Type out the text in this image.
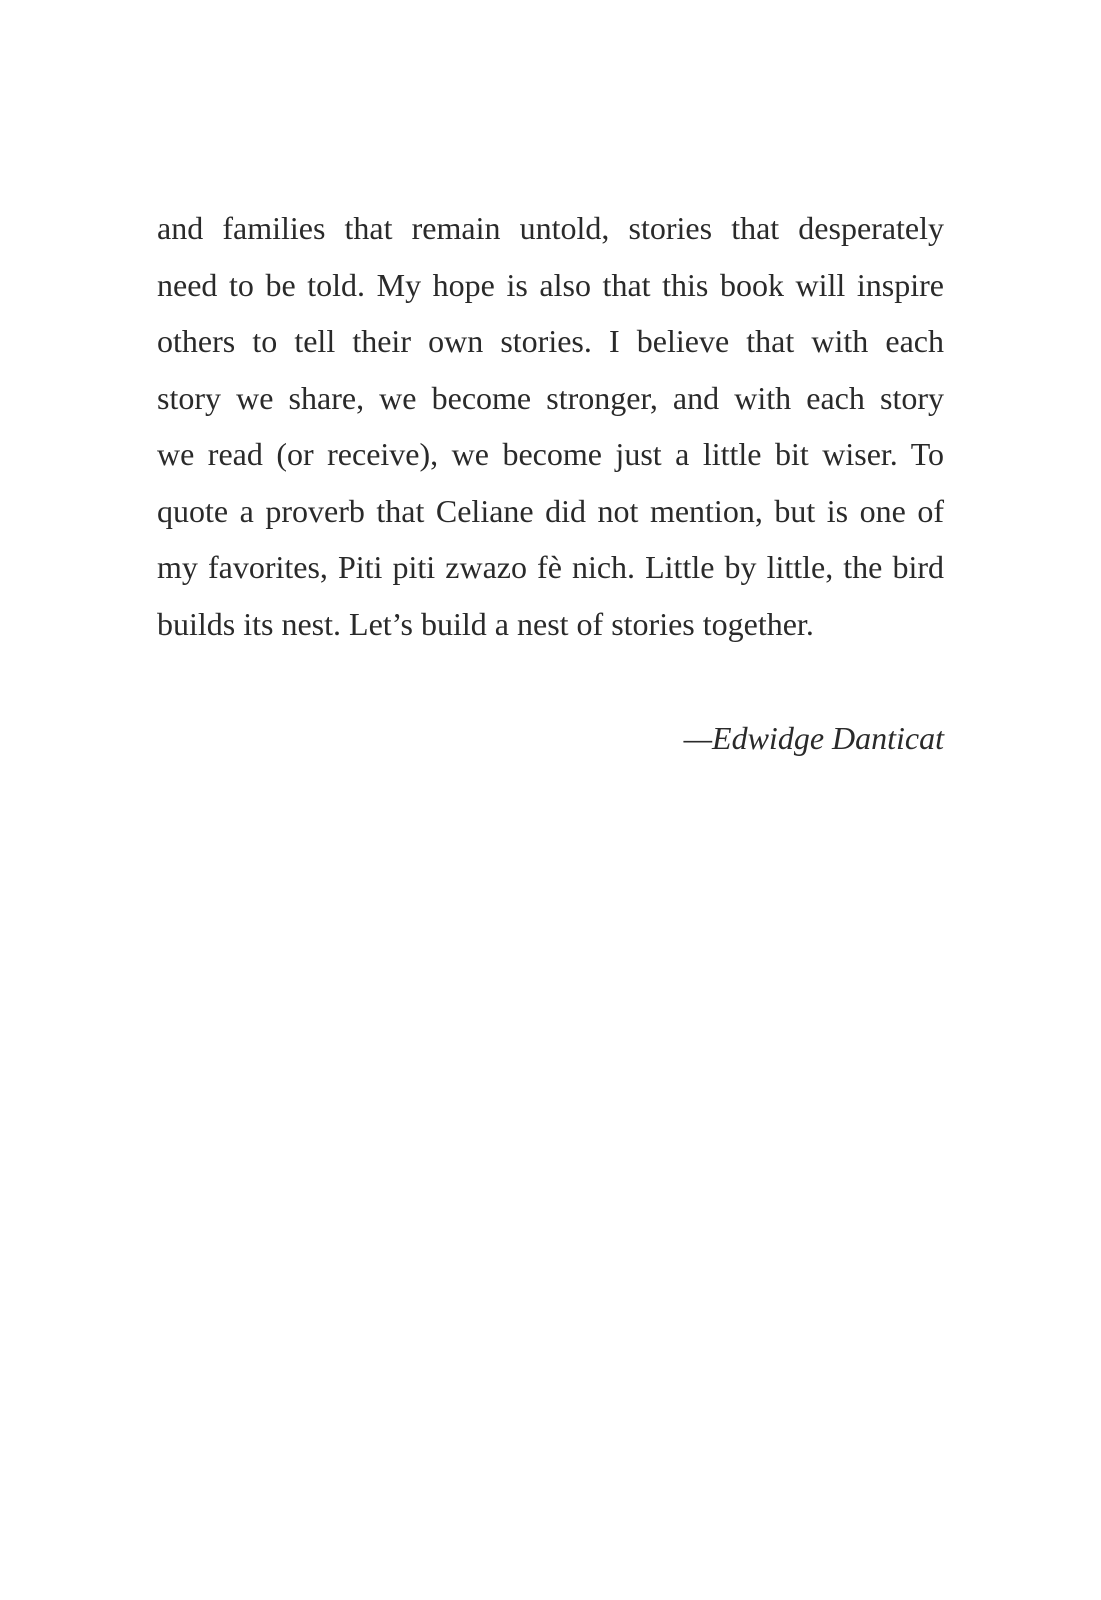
and families that remain untold, stories that desperately
need to be told. My hope is also that this book will inspire
others to tell their own stories. I believe that with each
story we share, we become stronger, and with each story
we read (or receive), we become just a little bit wiser. To
quote a proverb that Celiane did not mention, but is one of
my favorites, Piti piti zwazo fè nich. Little by little, the bird
builds its nest. Let’s build a nest of stories together.
—Edwidge Danticat
